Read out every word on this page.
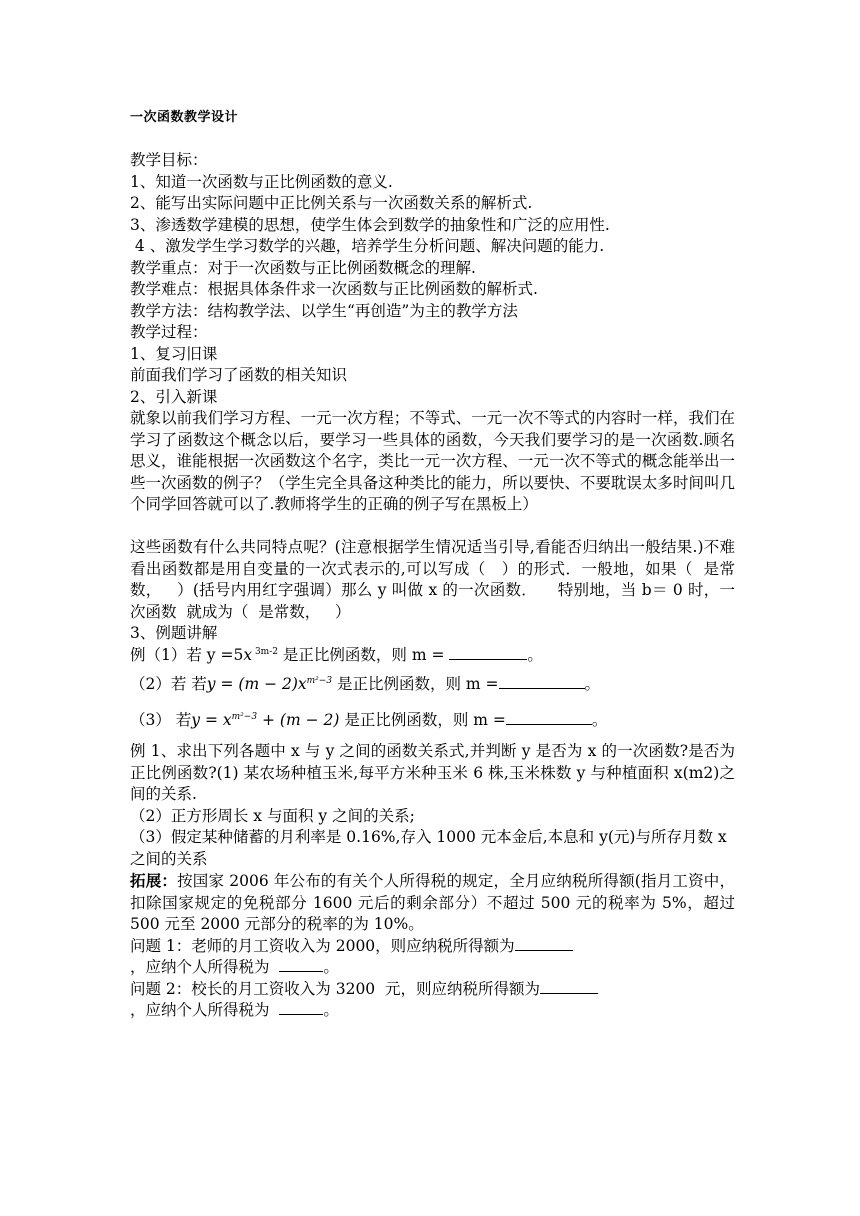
一次函数教学设计

教学目标：

1、知道一次函数与正比例函数的意义.

2、能写出实际问题中正比例关系与一次函数关系的解析式.

3、渗透数学建模的思想，使学生体会到数学的抽象性和广泛的应用性.

4 、激发学生学习数学的兴趣，培养学生分析问题、解决问题的能力.

教学重点：对于一次函数与正比例函数概念的理解.

教学难点：根据具体条件求一次函数与正比例函数的解析式.

教学方法：结构教学法、以学生“再创造”为主的教学方法

教学过程：

1、复习旧课

前面我们学习了函数的相关知识

2、引入新课

就象以前我们学习方程、一元一次方程；不等式、一元一次不等式的内容时一样，我们在学习了函数这个概念以后，要学习一些具体的函数，今天我们要学习的是一次函数.顾名思义，谁能根据一次函数这个名字，类比一元一次方程、一元一次不等式的概念能举出一些一次函数的例子？（学生完全具备这种类比的能力，所以要快、不要耽误太多时间叫几个同学回答就可以了.教师将学生的正确的例子写在黑板上）

这些函数有什么共同特点呢？(注意根据学生情况适当引导,看能否归纳出一般结果.)不难看出函数都是用自变量的一次式表示的,可以写成（   ）的形式．一般地，如果（  是常数，   ）(括号内用红字强调）那么 y 叫做 x 的一次函数．    特别地，当 b＝ 0 时，一次函数  就成为（  是常数，   ）

3、例题讲解

例（1）若 y =5x $^{3m-2}$ 是正比例函数，则 m =	。

（2）若 若$y = (m - 2)x^{m^2-3}$ 是正比例函数，则 m =	。

（3） 若$y = x^{m^2-3} + (m - 2)$ 是正比例函数，则 m =	。

例 1、求出下列各题中 x 与 y 之间的函数关系式,并判断 y 是否为 x 的一次函数?是否为正比例函数?(1) 某农场种植玉米,每平方米种玉米 6 株,玉米株数 y 与种植面积 x(m2)之间的关系.

（2）正方形周长 x 与面积 y 之间的关系;

（3）假定某种储蓄的月利率是 0.16%,存入 1000 元本金后,本息和 y(元)与所存月数 x 之间的关系

拓展：按国家 2006 年公布的有关个人所得税的规定，全月应纳税所得额(指月工资中，扣除国家规定的免税部分 1600 元后的剩余部分）不超过 500 元的税率为 5%，超过 500 元至 2000 元部分的税率的为 10%。

问题 1：老师的月工资收入为 2000，则应纳税所得额为，应纳个人所得税为	。

问题 2：校长的月工资收入为 3200  元，则应纳税所得额为，应纳个人所得税为	。
